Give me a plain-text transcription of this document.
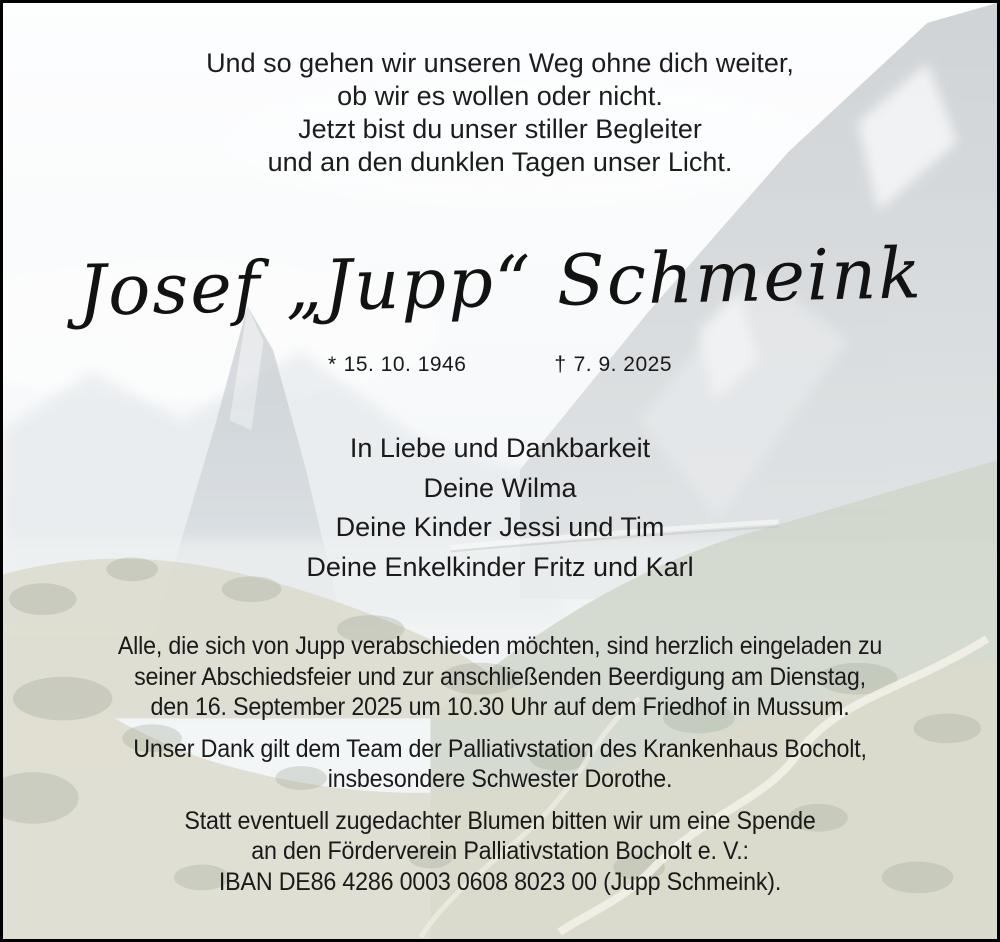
Und so gehen wir unseren Weg ohne dich weiter,
ob wir es wollen oder nicht.
Jetzt bist du unser stiller Begleiter
und an den dunklen Tagen unser Licht.
Josef „Jupp“ Schmeink
* 15. 10. 1946	† 7. 9. 2025
In Liebe und Dankbarkeit
Deine Wilma
Deine Kinder Jessi und Tim
Deine Enkelkinder Fritz und Karl
Alle, die sich von Jupp verabschieden möchten, sind herzlich eingeladen zu
seiner Abschiedsfeier und zur anschließenden Beerdigung am Dienstag,
den 16. September 2025 um 10.30 Uhr auf dem Friedhof in Mussum.
Unser Dank gilt dem Team der Palliativstation des Krankenhaus Bocholt,
insbesondere Schwester Dorothe.
Statt eventuell zugedachter Blumen bitten wir um eine Spende
an den Förderverein Palliativstation Bocholt e. V.:
IBAN DE86 4286 0003 0608 8023 00 (Jupp Schmeink).
